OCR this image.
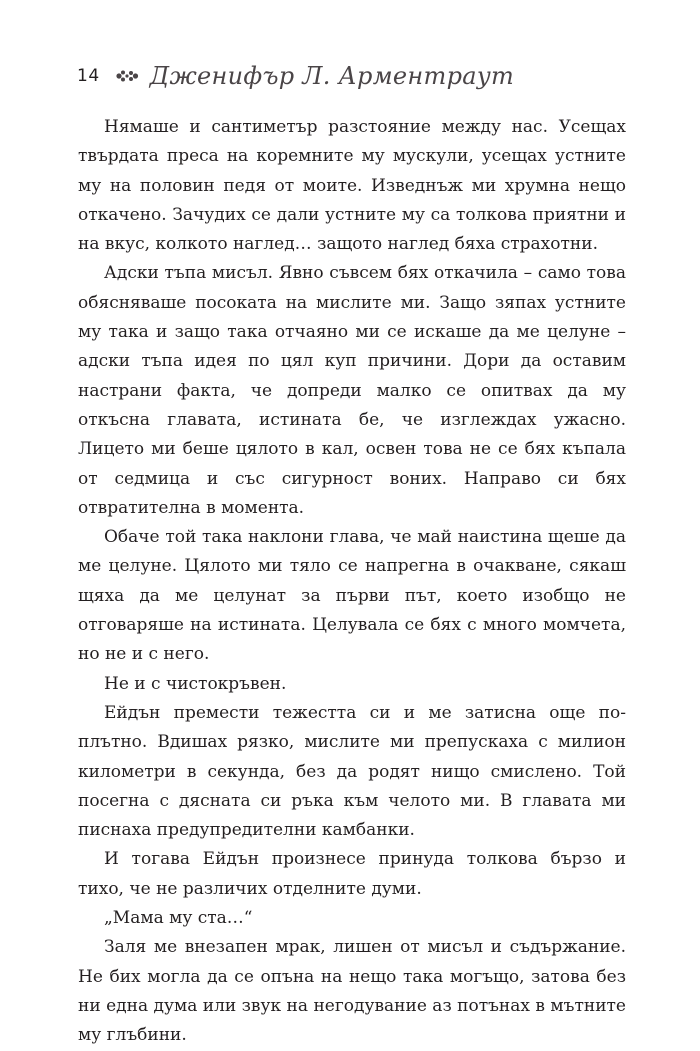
14 Дженифър Л. Арментраут

Нямаше и сантиметър разстояние между нас. Усещах твърдата преса на коремните му мускули, усещах устните му на половин педя от моите. Изведнъж ми хрумна нещо откачено. Зачудих се дали устните му са толкова приятни и на вкус, колкото наглед… защото наглед бяха страхотни.

Адски тъпа мисъл. Явно съвсем бях откачила – само това обясняваше посоката на мислите ми. Защо зяпах устните му така и защо така отчаяно ми се искаше да ме целуне – адски тъпа идея по цял куп причини. Дори да оставим настрани факта, че допреди малко се опитвах да му откъсна главата, истината бе, че изглеждах ужасно. Лицето ми беше цялото в кал, освен това не се бях къпала от седмица и със сигурност воних. Направо си бях отвратителна в момента.

Обаче той така наклони глава, че май наистина щеше да ме целуне. Цялото ми тяло се напрегна в очакване, сякаш щяха да ме целунат за първи път, което изобщо не отговаряше на истината. Целувала се бях с много момчета, но не и с него.

Не и с чистокръвен.

Ейдън премести тежестта си и ме затисна още по-плътно. Вдишах рязко, мислите ми препускаха с милион километри в секунда, без да родят нищо смислено. Той посегна с дясната си ръка към челото ми. В главата ми писнаха предупредителни камбанки.

И тогава Ейдън произнесе принуда толкова бързо и тихо, че не различих отделните думи.

„Мама му ста…“

Заля ме внезапен мрак, лишен от мисъл и съдържание. Не бих могла да се опъна на нещо така могъщо, затова без ни една дума или звук на негодувание аз потънах в мътните му глъбини.
